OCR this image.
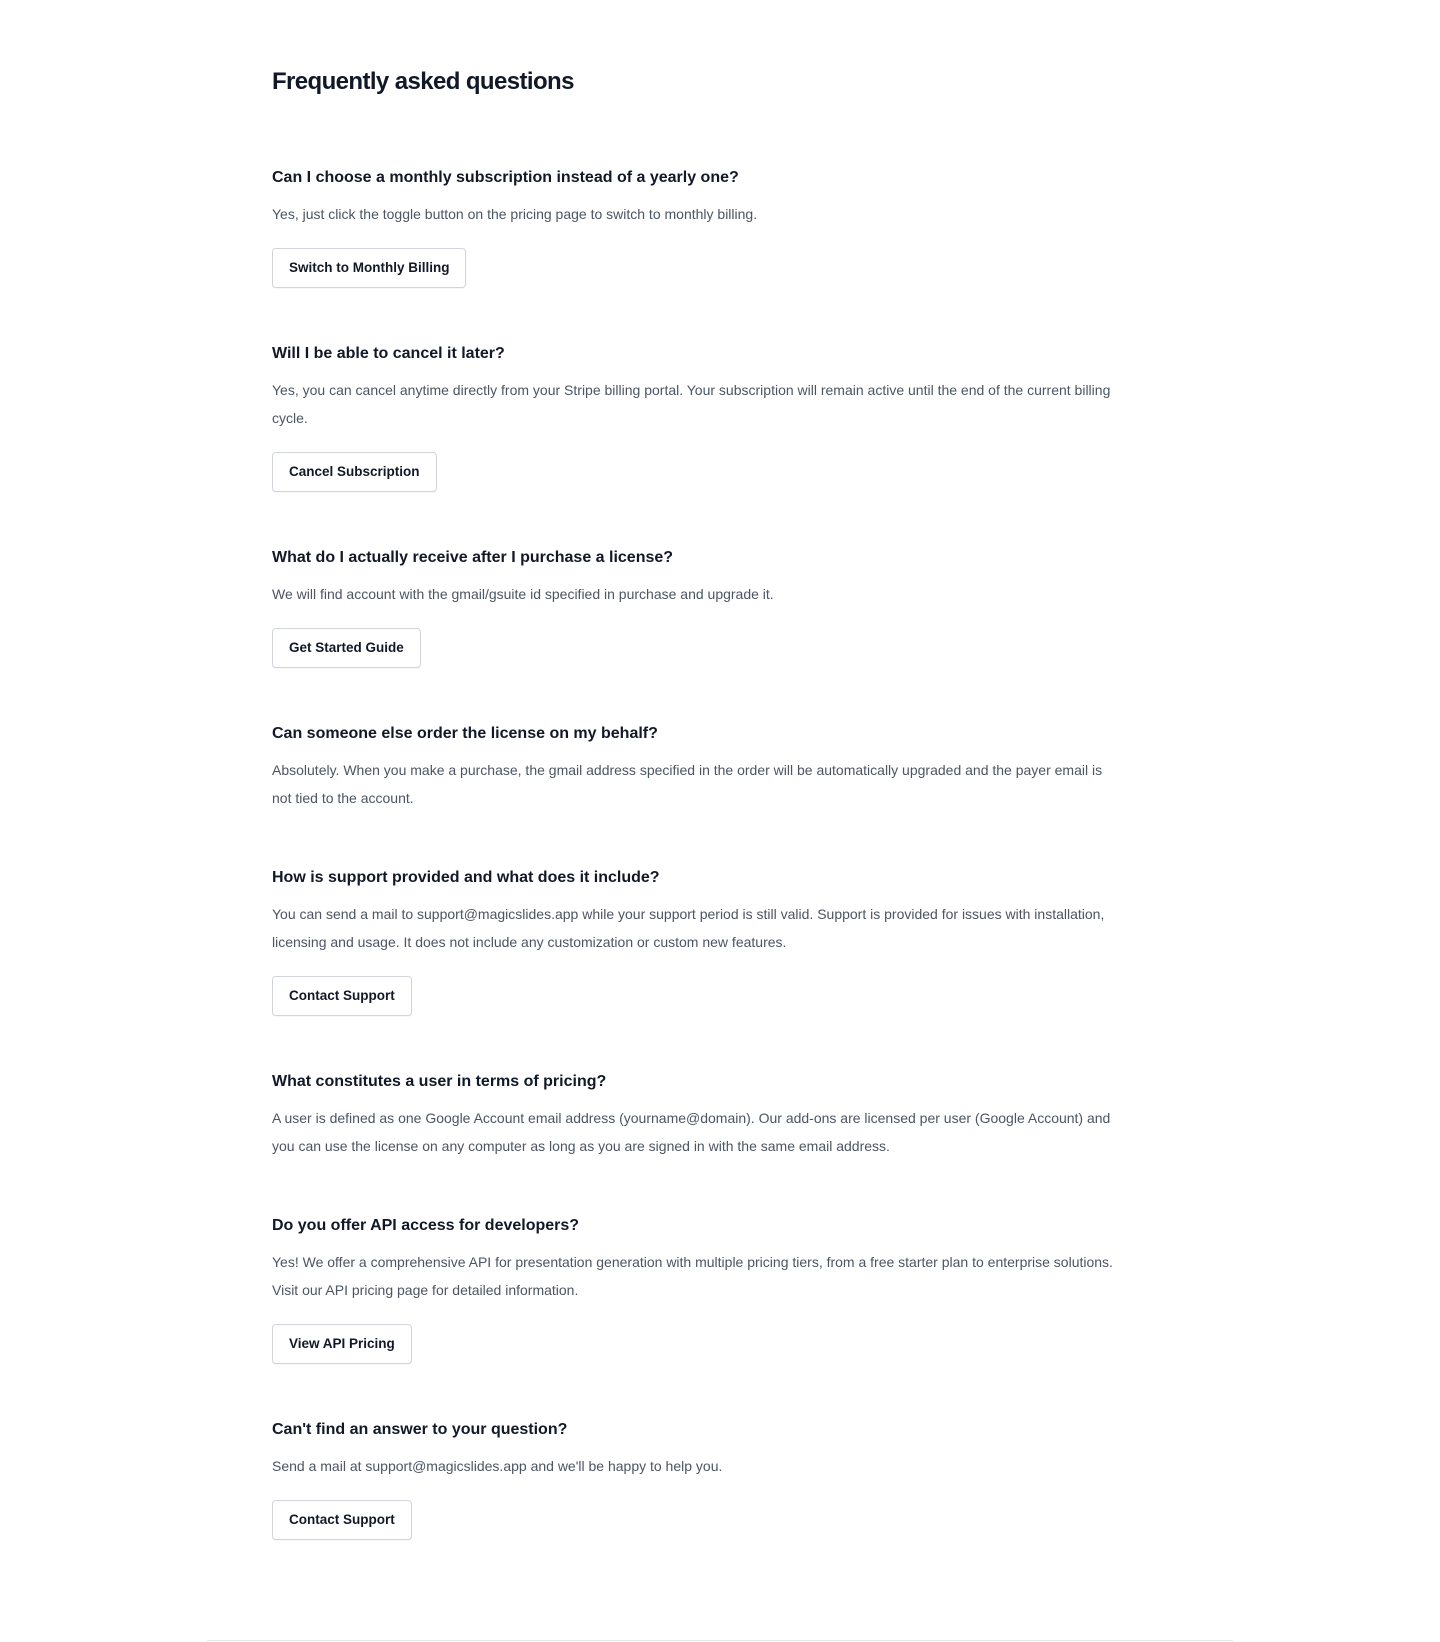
Frequently asked questions
Can I choose a monthly subscription instead of a yearly one?

Yes, just click the toggle button on the pricing page to switch to monthly billing.

Switch to Monthly Billing
Will I be able to cancel it later?

Yes, you can cancel anytime directly from your Stripe billing portal. Your subscription will remain active until the end of the current billing cycle.

Cancel Subscription
What do I actually receive after I purchase a license?

We will find account with the gmail/gsuite id specified in purchase and upgrade it.

Get Started Guide
Can someone else order the license on my behalf?

Absolutely. When you make a purchase, the gmail address specified in the order will be automatically upgraded and the payer email is not tied to the account.

How is support provided and what does it include?

You can send a mail to support@magicslides.app while your support period is still valid. Support is provided for issues with installation, licensing and usage. It does not include any customization or custom new features.

Contact Support
What constitutes a user in terms of pricing?

A user is defined as one Google Account email address (yourname@domain). Our add-ons are licensed per user (Google Account) and you can use the license on any computer as long as you are signed in with the same email address.

Do you offer API access for developers?

Yes! We offer a comprehensive API for presentation generation with multiple pricing tiers, from a free starter plan to enterprise solutions. Visit our API pricing page for detailed information.

View API Pricing
Can't find an answer to your question?

Send a mail at support@magicslides.app and we'll be happy to help you.

Contact Support
